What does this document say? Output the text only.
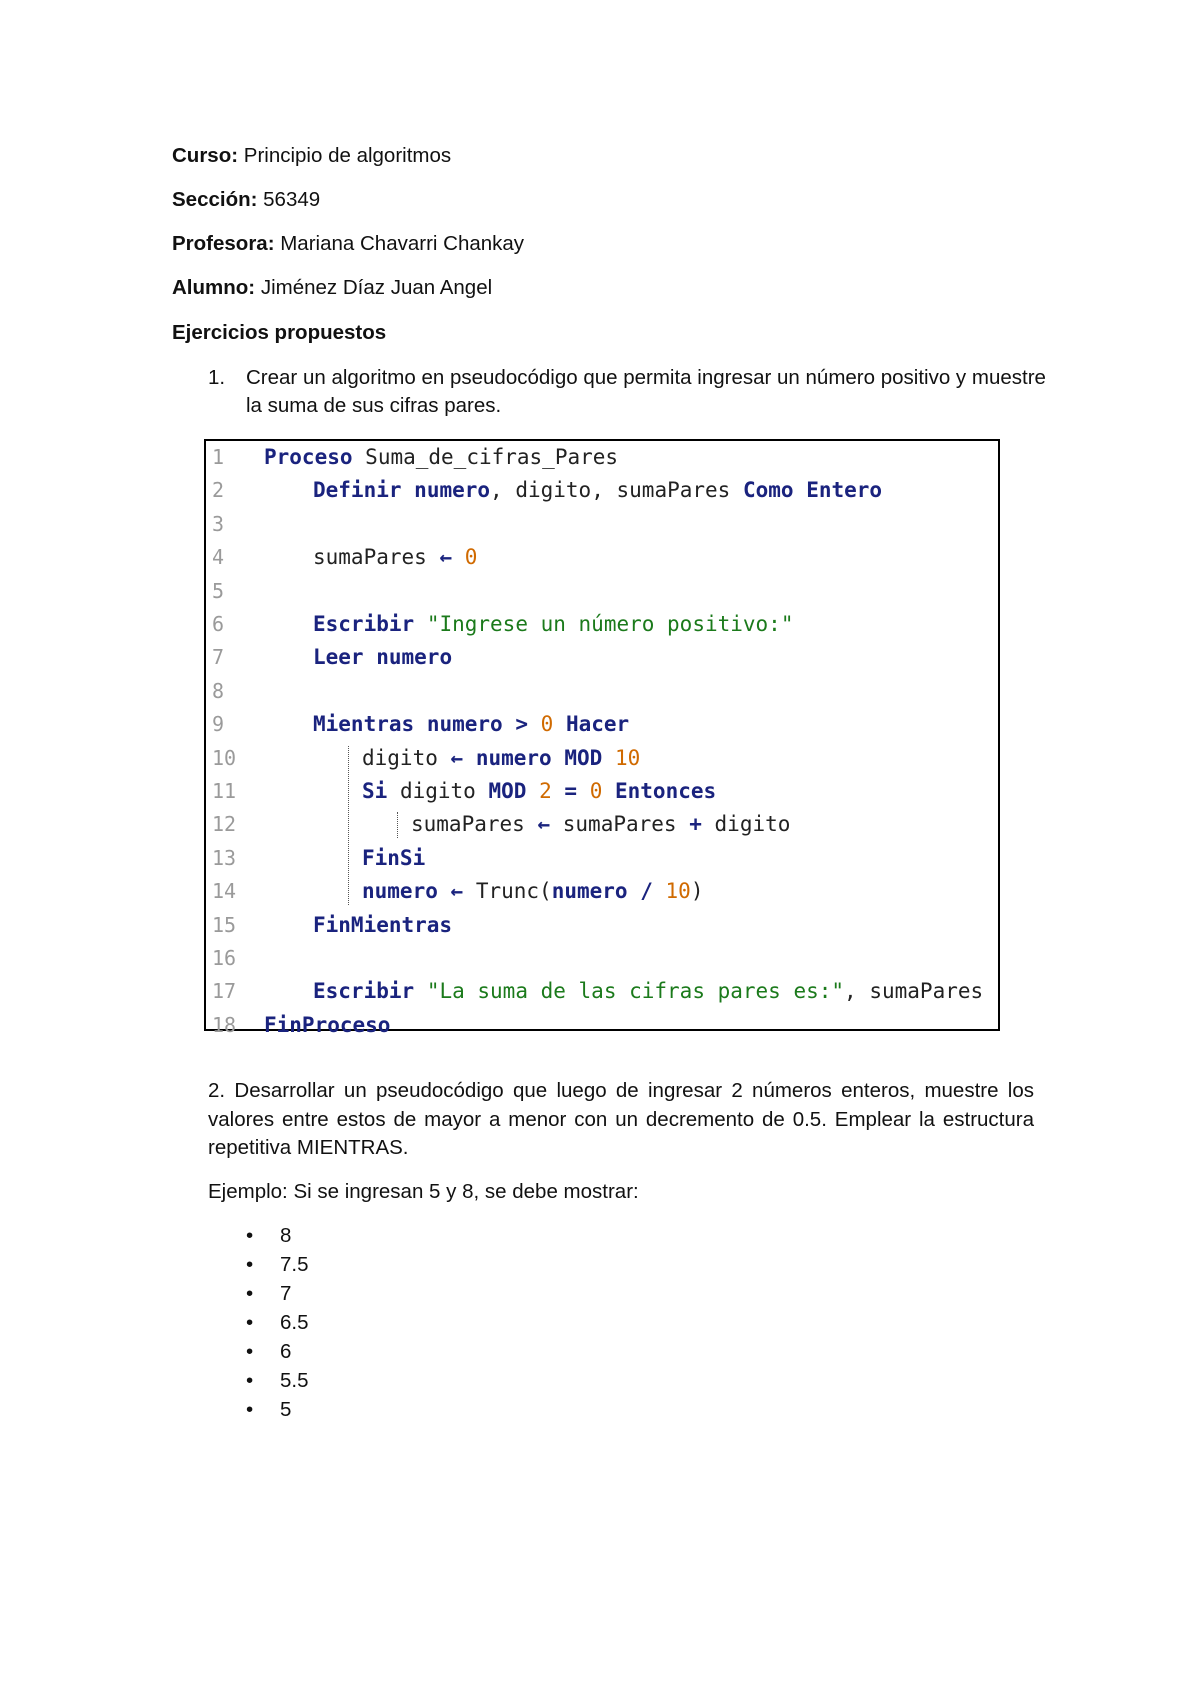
Curso: Principio de algoritmos
Sección: 56349
Profesora: Mariana Chavarri Chankay
Alumno: Jiménez Díaz Juan Angel
Ejercicios propuestos
1. Crear un algoritmo en pseudocódigo que permita ingresar un número positivo y muestre la suma de sus cifras pares.
1	Proceso Suma_de_cifras_Pares
2	Definir numero, digito, sumaPares Como Entero
3
4	sumaPares ← 0
5
6	Escribir "Ingrese un número positivo:"
7	Leer numero
8
9	Mientras numero > 0 Hacer
10	digito ← numero MOD 10
11	Si digito MOD 2 = 0 Entonces
12	sumaPares ← sumaPares + digito
13	FinSi
14	numero ← Trunc(numero / 10)
15	FinMientras
16
17	Escribir "La suma de las cifras pares es:", sumaPares
18	FinProceso
2. Desarrollar un pseudocódigo que luego de ingresar 2 números enteros, muestre los valores entre estos de mayor a menor con un decremento de 0.5. Emplear la estructura repetitiva MIENTRAS.
Ejemplo: Si se ingresan 5 y 8, se debe mostrar:
• 8
• 7.5
• 7
• 6.5
• 6
• 5.5
• 5
